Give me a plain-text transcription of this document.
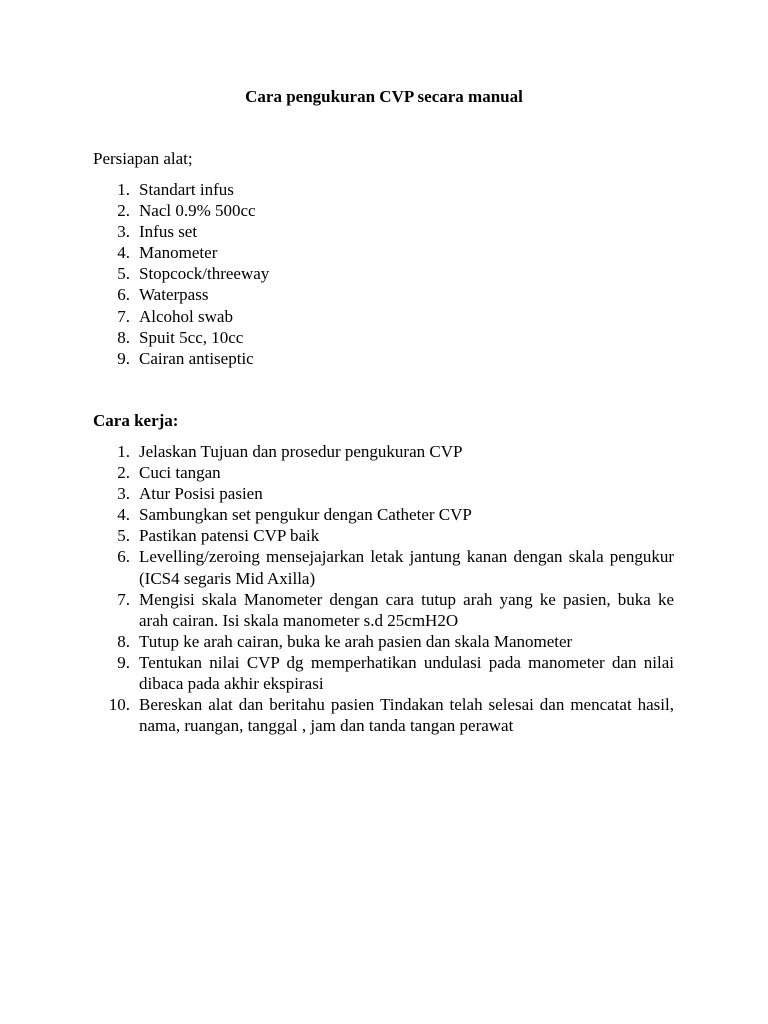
Cara pengukuran CVP secara manual

Persiapan alat;

1. Standart infus
2. Nacl 0.9% 500cc
3. Infus set
4. Manometer
5. Stopcock/threeway
6. Waterpass
7. Alcohol swab
8. Spuit 5cc, 10cc
9. Cairan antiseptic

Cara kerja:

1. Jelaskan Tujuan dan prosedur pengukuran CVP
2. Cuci tangan
3. Atur Posisi pasien
4. Sambungkan set pengukur dengan Catheter CVP
5. Pastikan patensi CVP baik
6. Levelling/zeroing mensejajarkan letak jantung kanan dengan skala pengukur (ICS4 segaris Mid Axilla)
7. Mengisi skala Manometer dengan cara tutup arah yang ke pasien, buka ke arah cairan. Isi skala manometer s.d 25cmH2O
8. Tutup ke arah cairan, buka ke arah pasien dan skala Manometer
9. Tentukan nilai CVP dg memperhatikan undulasi pada manometer dan nilai dibaca pada akhir ekspirasi
10. Bereskan alat dan beritahu pasien Tindakan telah selesai dan mencatat hasil, nama, ruangan, tanggal , jam dan tanda tangan perawat
